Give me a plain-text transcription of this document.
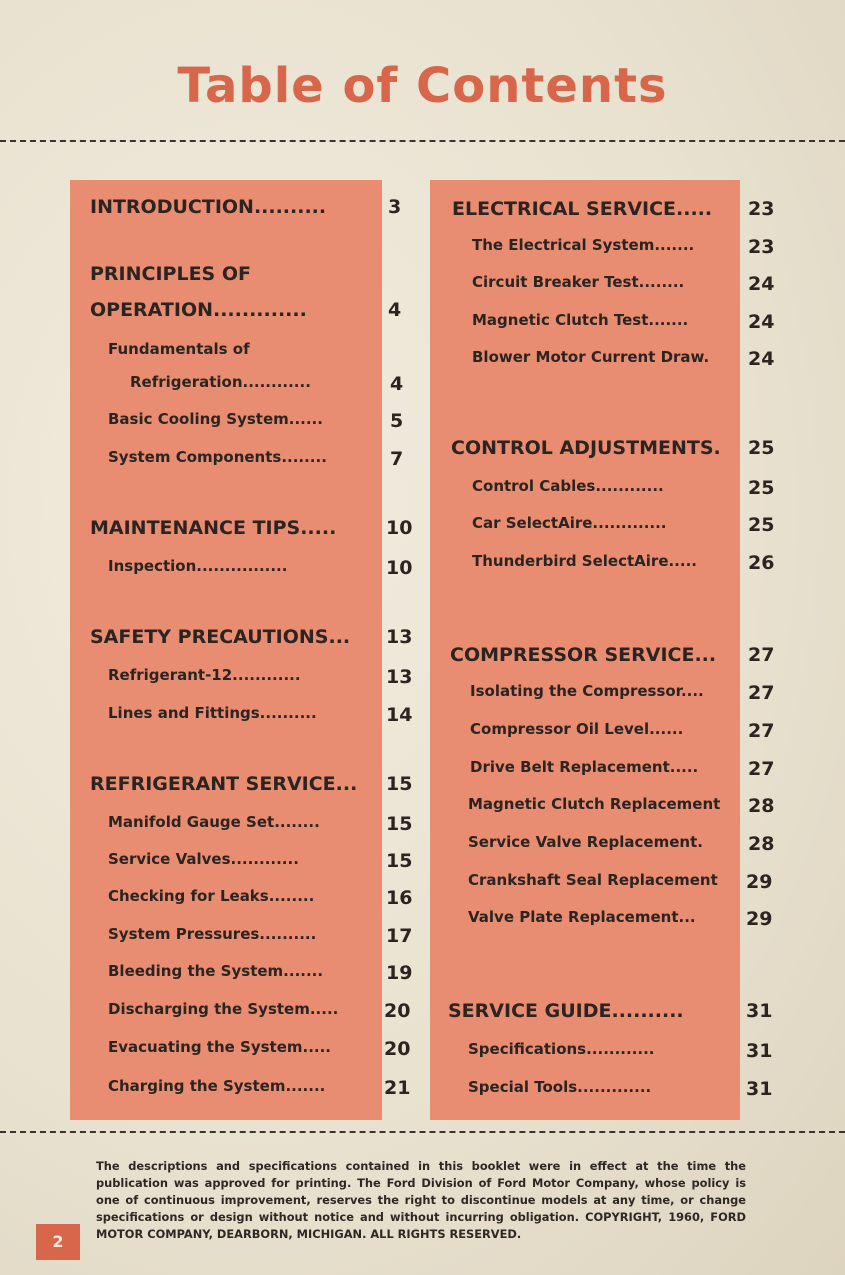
Table of Contents
INTRODUCTION..........	3
PRINCIPLES OF
OPERATION.............	4
Fundamentals of
Refrigeration............	4
Basic Cooling System......	5
System Components........	7
MAINTENANCE TIPS.....	10
Inspection................	10
SAFETY PRECAUTIONS...	13
Refrigerant-12............	13
Lines and Fittings..........	14
REFRIGERANT SERVICE...	15
Manifold Gauge Set........	15
Service Valves............	15
Checking for Leaks........	16
System Pressures..........	17
Bleeding the System.......	19
Discharging the System.....	20
Evacuating the System.....	20
Charging the System.......	21
ELECTRICAL SERVICE.....	23
The Electrical System.......	23
Circuit Breaker Test........	24
Magnetic Clutch Test.......	24
Blower Motor Current Draw.	24
CONTROL ADJUSTMENTS.	25
Control Cables............	25
Car SelectAire.............	25
Thunderbird SelectAire.....	26
COMPRESSOR SERVICE...	27
Isolating the Compressor....	27
Compressor Oil Level......	27
Drive Belt Replacement.....	27
Magnetic Clutch Replacement	28
Service Valve Replacement.	28
Crankshaft Seal Replacement	29
Valve Plate Replacement...	29
SERVICE GUIDE..........	31
Specifications............	31
Special Tools.............	31
The descriptions and specifications contained in this booklet were in effect at the time the publication was approved for printing. The Ford Division of Ford Motor Company, whose policy is one of continuous improvement, reserves the right to discontinue models at any time, or change specifications or design without notice and without incurring obligation. COPYRIGHT, 1960, FORD MOTOR COMPANY, DEARBORN, MICHIGAN. ALL RIGHTS RESERVED.
2
